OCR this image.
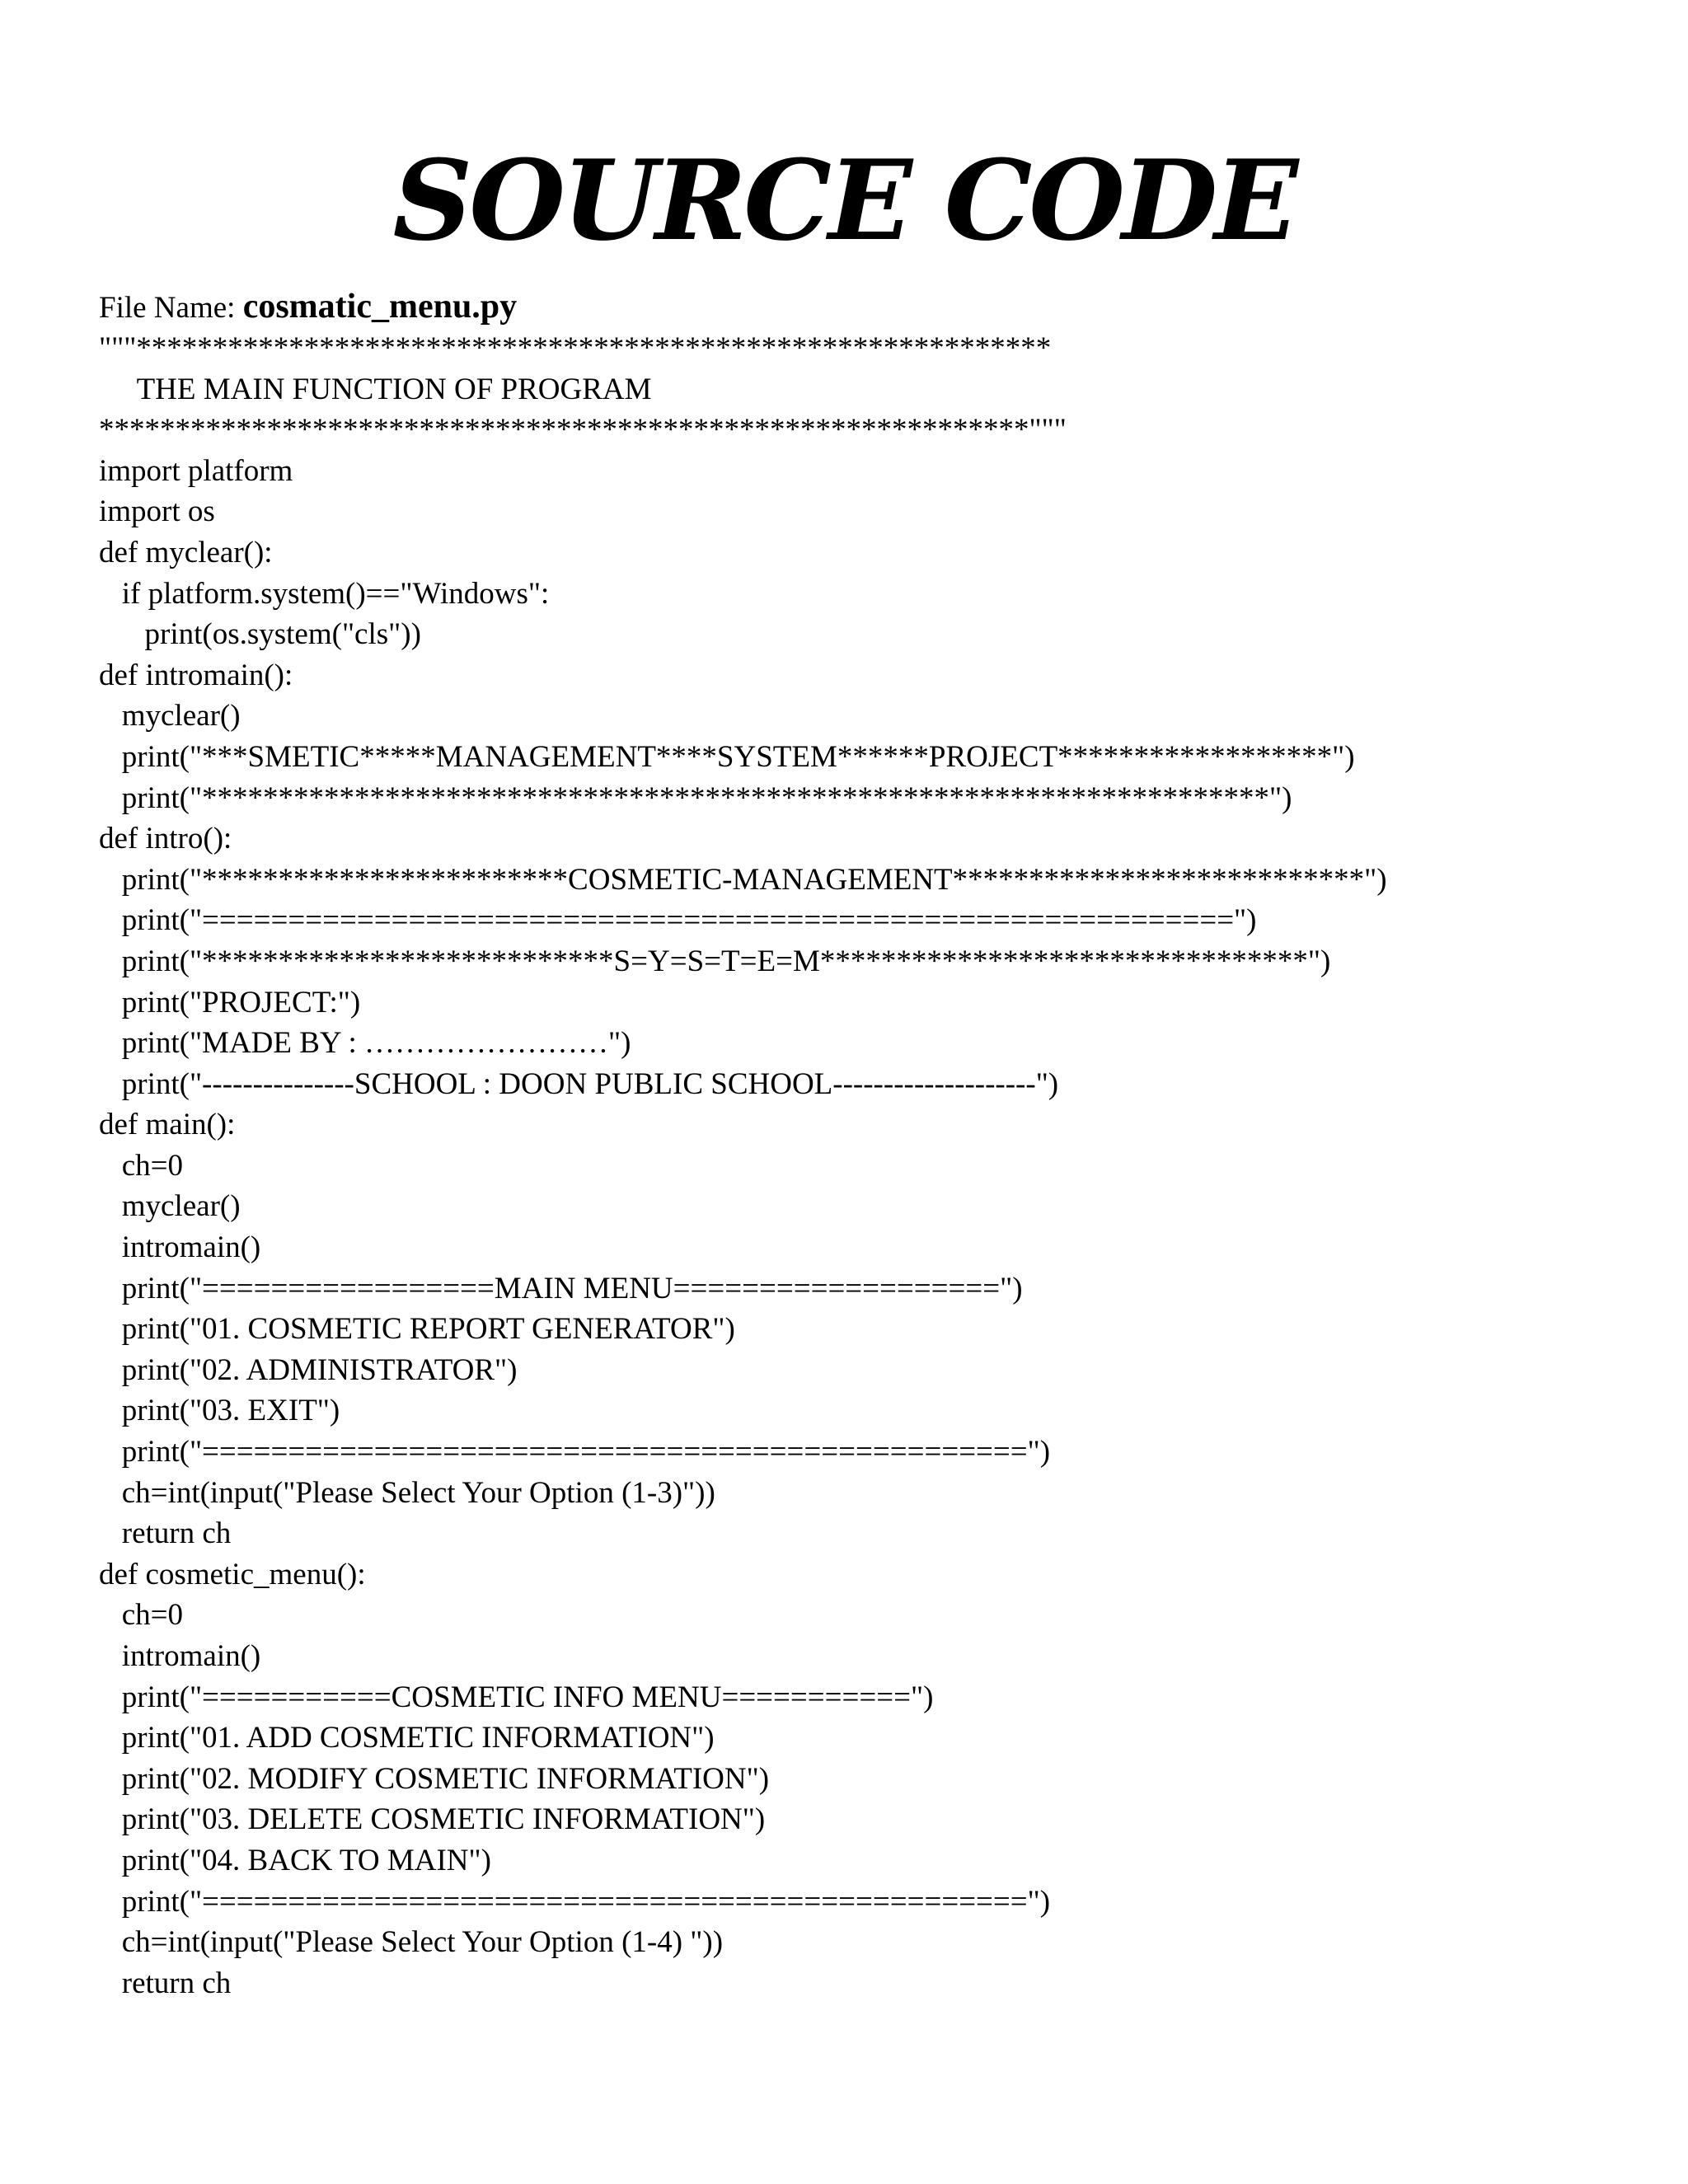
SOURCE CODE
File Name: cosmatic_menu.py
"""************************************************************
THE MAIN FUNCTION OF PROGRAM
*************************************************************"""
import platform
import os
def myclear():
if platform.system()=="Windows":
print(os.system("cls"))
def intromain():
myclear()
print("***SMETIC*****MANAGEMENT****SYSTEM******PROJECT******************")
print("**********************************************************************")
def intro():
print("************************COSMETIC-MANAGEMENT***************************")
print("============================================================")
print("***************************S=Y=S=T=E=M********************************")
print("PROJECT:")
print("MADE BY : ……………………")
print("---------------SCHOOL : DOON PUBLIC SCHOOL--------------------")
def main():
ch=0
myclear()
intromain()
print("=================MAIN MENU===================")
print("01. COSMETIC REPORT GENERATOR")
print("02. ADMINISTRATOR")
print("03. EXIT")
print("================================================")
ch=int(input("Please Select Your Option (1-3)"))
return ch
def cosmetic_menu():
ch=0
intromain()
print("===========COSMETIC INFO MENU===========")
print("01. ADD COSMETIC INFORMATION")
print("02. MODIFY COSMETIC INFORMATION")
print("03. DELETE COSMETIC INFORMATION")
print("04. BACK TO MAIN")
print("================================================")
ch=int(input("Please Select Your Option (1-4) "))
return ch
